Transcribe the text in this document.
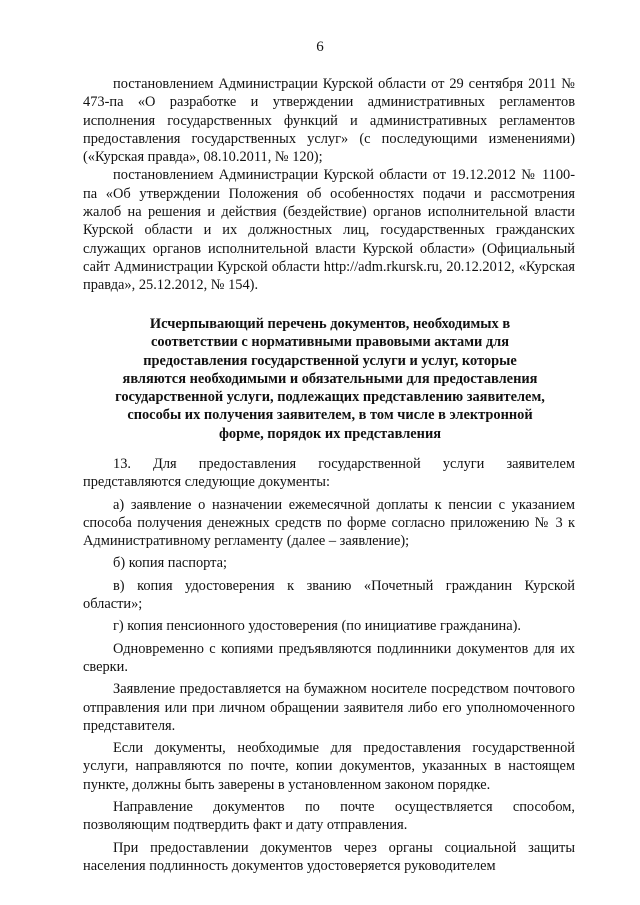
6

постановлением Администрации Курской области от 29 сентября 2011 № 473-па «О разработке и утверждении административных регламентов исполнения государственных функций и административных регламентов предоставления государственных услуг» (с последующими изменениями) («Курская правда», 08.10.2011, № 120);

постановлением Администрации Курской области от 19.12.2012 № 1100-па «Об утверждении Положения об особенностях подачи и рассмотрения жалоб на решения и действия (бездействие) органов исполнительной власти Курской области и их должностных лиц, государственных гражданских служащих органов исполнительной власти Курской области» (Официальный сайт Администрации Курской области http://adm.rkursk.ru, 20.12.2012, «Курская правда», 25.12.2012, № 154).

Исчерпывающий перечень документов, необходимых в соответствии с нормативными правовыми актами для предоставления государственной услуги и услуг, которые являются необходимыми и обязательными для предоставления государственной услуги, подлежащих представлению заявителем, способы их получения заявителем, в том числе в электронной форме, порядок их представления

13. Для предоставления государственной услуги заявителем представляются следующие документы:

а) заявление о назначении ежемесячной доплаты к пенсии с указанием способа получения денежных средств по форме согласно приложению № 3 к Административному регламенту (далее – заявление);

б) копия паспорта;

в) копия удостоверения к званию «Почетный гражданин Курской области»;

г) копия пенсионного удостоверения (по инициативе гражданина).

Одновременно с копиями предъявляются подлинники документов для их сверки.

Заявление предоставляется на бумажном носителе посредством почтового отправления или при личном обращении заявителя либо его уполномоченного представителя.

Если документы, необходимые для предоставления государственной услуги, направляются по почте, копии документов, указанных в настоящем пункте, должны быть заверены в установленном законом порядке.

Направление документов по почте осуществляется способом, позволяющим подтвердить факт и дату отправления.

При предоставлении документов через органы социальной защиты населения подлинность документов удостоверяется руководителем
